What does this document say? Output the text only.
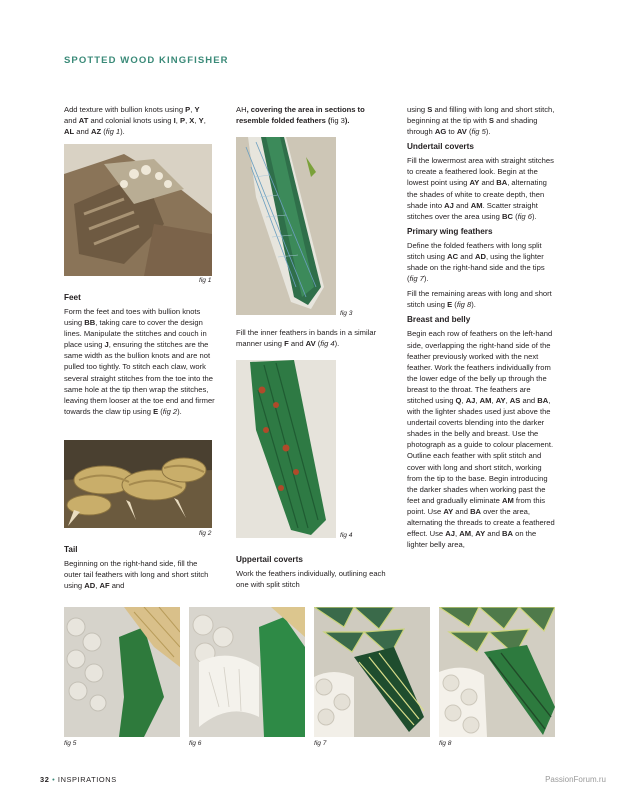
SPOTTED WOOD KINGFISHER

Add texture with bullion knots using P, Y and AT and colonial knots using I, P, X, Y, AL and AZ (fig 1).

fig 1
Feet

Form the feet and toes with bullion knots using BB, taking care to cover the design lines. Manipulate the stitches and couch in place using J, ensuring the stitches are the same width as the bullion knots and are not pulled too tightly. To stitch each claw, work several straight stitches from the toe into the same hole at the tip then wrap the stitches, leaving them looser at the toe end and firmer towards the claw tip using E (fig 2).

fig 2
Tail

Beginning on the right-hand side, fill the outer tail feathers with long and short stitch using AD, AF and

AH, covering the area in sections to resemble folded feathers (fig 3).

fig 3

Fill the inner feathers in bands in a similar manner using F and AV (fig 4).

fig 4
Uppertail coverts

Work the feathers individually, outlining each one with split stitch

using S and filling with long and short stitch, beginning at the tip with S and shading through AG to AV (fig 5).

Undertail coverts

Fill the lowermost area with straight stitches to create a feathered look. Begin at the lowest point using AY and BA, alternating the shades of white to create depth, then shade into AJ and AM. Scatter straight stitches over the area using BC (fig 6).

Primary wing feathers

Define the folded feathers with long split stitch using AC and AD, using the lighter shade on the right-hand side and the tips (fig 7).

Fill the remaining areas with long and short stitch using E (fig 8).

Breast and belly

Begin each row of feathers on the left-hand side, overlapping the right-hand side of the feather previously worked with the next feather. Work the feathers individually from the lower edge of the belly up through the breast to the throat. The feathers are stitched using Q, AJ, AM, AY, AS and BA, with the lighter shades used just above the undertail coverts blending into the darker shades in the belly and breast. Use the photograph as a guide to colour placement. Outline each feather with split stitch and cover with long and short stitch, working from the tip to the base. Begin introducing the darker shades when working past the feet and gradually eliminate AM from this point. Use AY and BA over the area, alternating the threads to create a feathered effect. Use AJ, AM, AY and BA on the lighter belly area,

fig 5	fig 6	fig 7	fig 8
32 • INSPIRATIONS	PassionForum.ru
